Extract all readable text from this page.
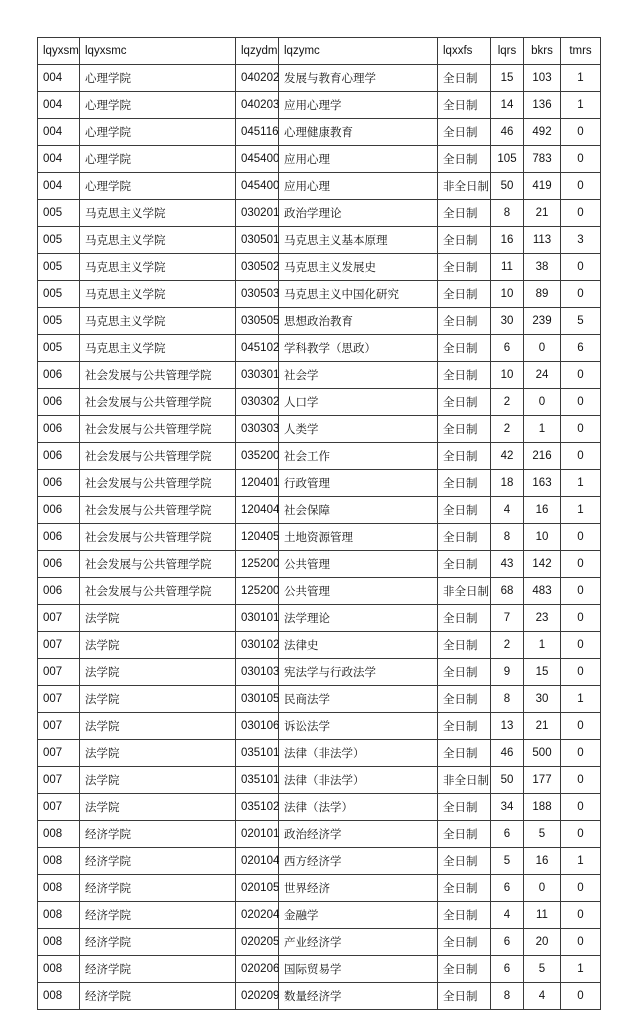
lqyxsm	lqyxsmc	lqzydm	lqzymc	lqxxfs	lqrs	bkrs	tmrs
004	心理学院	040202	发展与教育心理学	全日制	15	103	1
004	心理学院	040203	应用心理学	全日制	14	136	1
004	心理学院	045116	心理健康教育	全日制	46	492	0
004	心理学院	045400	应用心理	全日制	105	783	0
004	心理学院	045400	应用心理	非全日制	50	419	0
005	马克思主义学院	030201	政治学理论	全日制	8	21	0
005	马克思主义学院	030501	马克思主义基本原理	全日制	16	113	3
005	马克思主义学院	030502	马克思主义发展史	全日制	11	38	0
005	马克思主义学院	030503	马克思主义中国化研究	全日制	10	89	0
005	马克思主义学院	030505	思想政治教育	全日制	30	239	5
005	马克思主义学院	045102	学科教学（思政）	全日制	6	0	6
006	社会发展与公共管理学院	030301	社会学	全日制	10	24	0
006	社会发展与公共管理学院	030302	人口学	全日制	2	0	0
006	社会发展与公共管理学院	030303	人类学	全日制	2	1	0
006	社会发展与公共管理学院	035200	社会工作	全日制	42	216	0
006	社会发展与公共管理学院	120401	行政管理	全日制	18	163	1
006	社会发展与公共管理学院	120404	社会保障	全日制	4	16	1
006	社会发展与公共管理学院	120405	土地资源管理	全日制	8	10	0
006	社会发展与公共管理学院	125200	公共管理	全日制	43	142	0
006	社会发展与公共管理学院	125200	公共管理	非全日制	68	483	0
007	法学院	030101	法学理论	全日制	7	23	0
007	法学院	030102	法律史	全日制	2	1	0
007	法学院	030103	宪法学与行政法学	全日制	9	15	0
007	法学院	030105	民商法学	全日制	8	30	1
007	法学院	030106	诉讼法学	全日制	13	21	0
007	法学院	035101	法律（非法学）	全日制	46	500	0
007	法学院	035101	法律（非法学）	非全日制	50	177	0
007	法学院	035102	法律（法学）	全日制	34	188	0
008	经济学院	020101	政治经济学	全日制	6	5	0
008	经济学院	020104	西方经济学	全日制	5	16	1
008	经济学院	020105	世界经济	全日制	6	0	0
008	经济学院	020204	金融学	全日制	4	11	0
008	经济学院	020205	产业经济学	全日制	6	20	0
008	经济学院	020206	国际贸易学	全日制	6	5	1
008	经济学院	020209	数量经济学	全日制	8	4	0
